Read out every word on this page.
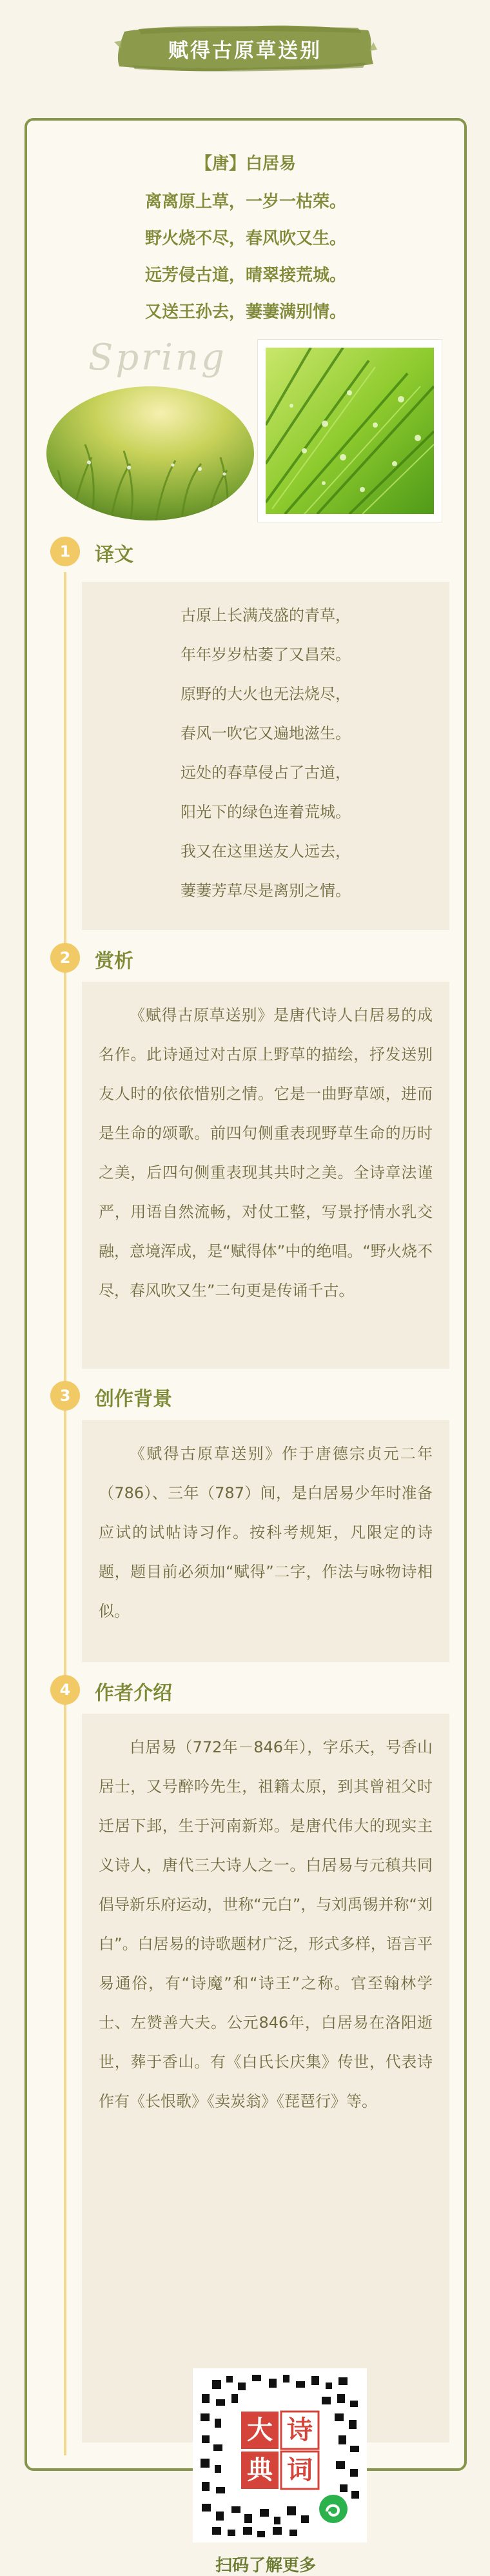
赋得古原草送别
【唐】白居易
离离原上草，一岁一枯荣。
野火烧不尽，春风吹又生。
远芳侵古道，晴翠接荒城。
又送王孙去，萋萋满别情。
Spring
1	译文
古原上长满茂盛的青草，
年年岁岁枯萎了又昌荣。
原野的大火也无法烧尽，
春风一吹它又遍地滋生。
远处的春草侵占了古道，
阳光下的绿色连着荒城。
我又在这里送友人远去，
萋萋芳草尽是离别之情。
2	赏析

《赋得古原草送别》是唐代诗人白居易的成名作。此诗通过对古原上野草的描绘，抒发送别友人时的依依惜别之情。它是一曲野草颂，进而是生命的颂歌。前四句侧重表现野草生命的历时之美，后四句侧重表现其共时之美。全诗章法谨严，用语自然流畅，对仗工整，写景抒情水乳交融，意境浑成，是“赋得体”中的绝唱。“野火烧不尽，春风吹又生”二句更是传诵千古。

3	创作背景

《赋得古原草送别》作于唐德宗贞元二年（786）、三年（787）间，是白居易少年时准备应试的试帖诗习作。按科考规矩，凡限定的诗题，题目前必须加“赋得”二字，作法与咏物诗相似。

4	作者介绍

白居易（772年－846年），字乐天，号香山居士，又号醉吟先生，祖籍太原，到其曾祖父时迁居下邽，生于河南新郑。是唐代伟大的现实主义诗人，唐代三大诗人之一。白居易与元稹共同倡导新乐府运动，世称“元白”，与刘禹锡并称“刘白”。白居易的诗歌题材广泛，形式多样，语言平易通俗，有“诗魔”和“诗王”之称。官至翰林学士、左赞善大夫。公元846年，白居易在洛阳逝世，葬于香山。有《白氏长庆集》传世，代表诗作有《长恨歌》《卖炭翁》《琵琶行》等。

大 诗
典 词
扫码了解更多
